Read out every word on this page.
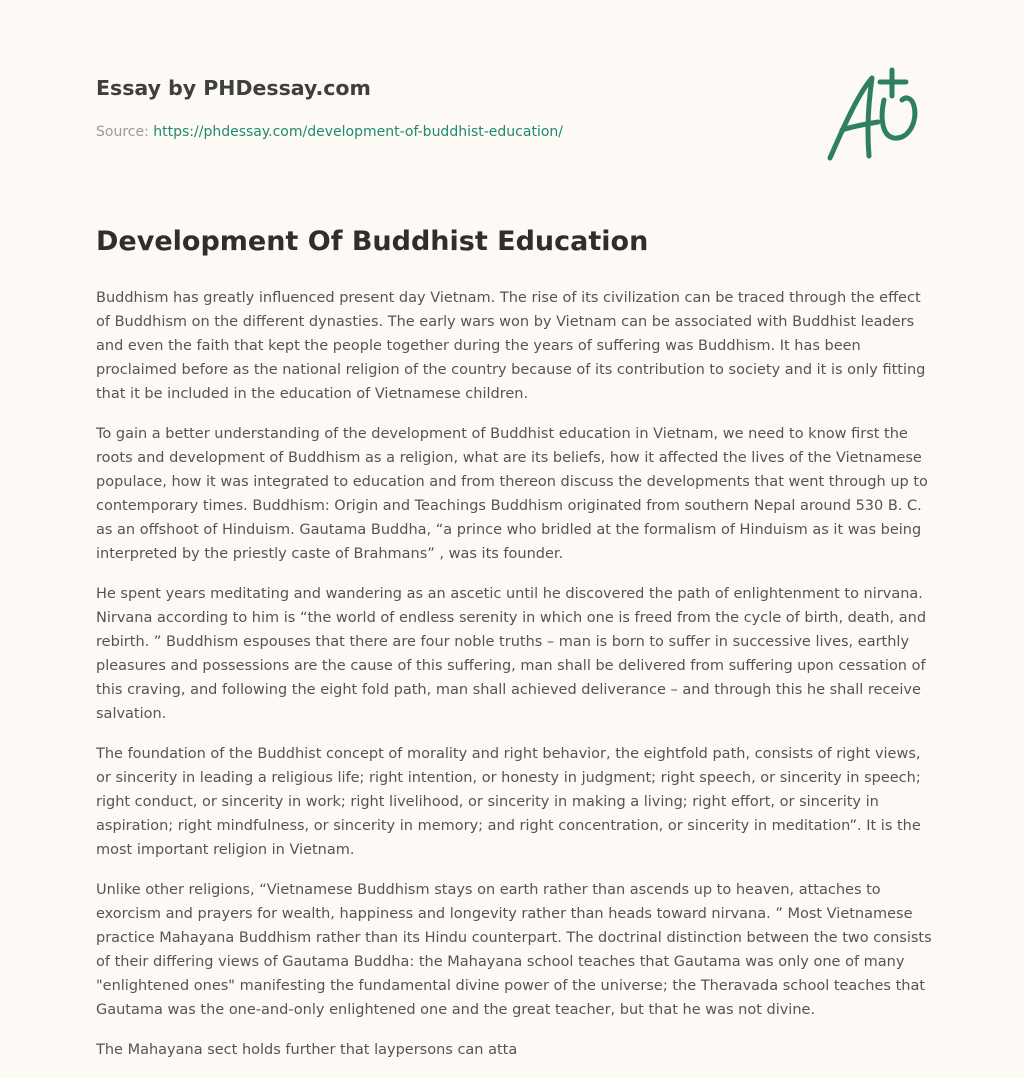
Essay by PHDessay.com
Source: https://phdessay.com/development-of-buddhist-education/
Development Of Buddhist Education

Buddhism has greatly influenced present day Vietnam. The rise of its civilization can be traced through the effect of Buddhism on the different dynasties. The early wars won by Vietnam can be associated with Buddhist leaders and even the faith that kept the people together during the years of suffering was Buddhism. It has been proclaimed before as the national religion of the country because of its contribution to society and it is only fitting that it be included in the education of Vietnamese children.

To gain a better understanding of the development of Buddhist education in Vietnam, we need to know first the roots and development of Buddhism as a religion, what are its beliefs, how it affected the lives of the Vietnamese populace, how it was integrated to education and from thereon discuss the developments that went through up to contemporary times. Buddhism: Origin and Teachings Buddhism originated from southern Nepal around 530 B. C. as an offshoot of Hinduism. Gautama Buddha, “a prince who bridled at the formalism of Hinduism as it was being interpreted by the priestly caste of Brahmans” , was its founder.

He spent years meditating and wandering as an ascetic until he discovered the path of enlightenment to nirvana. Nirvana according to him is “the world of endless serenity in which one is freed from the cycle of birth, death, and rebirth. ” Buddhism espouses that there are four noble truths – man is born to suffer in successive lives, earthly pleasures and possessions are the cause of this suffering, man shall be delivered from suffering upon cessation of this craving, and following the eight fold path, man shall achieved deliverance – and through this he shall receive salvation.

The foundation of the Buddhist concept of morality and right behavior, the eightfold path, consists of right views, or sincerity in leading a religious life; right intention, or honesty in judgment; right speech, or sincerity in speech; right conduct, or sincerity in work; right livelihood, or sincerity in making a living; right effort, or sincerity in aspiration; right mindfulness, or sincerity in memory; and right concentration, or sincerity in meditation”. It is the most important religion in Vietnam.

Unlike other religions, “Vietnamese Buddhism stays on earth rather than ascends up to heaven, attaches to exorcism and prayers for wealth, happiness and longevity rather than heads toward nirvana. ” Most Vietnamese practice Mahayana Buddhism rather than its Hindu counterpart. The doctrinal distinction between the two consists of their differing views of Gautama Buddha: the Mahayana school teaches that Gautama was only one of many "enlightened ones" manifesting the fundamental divine power of the universe; the Theravada school teaches that Gautama was the one-and-only enlightened one and the great teacher, but that he was not divine.

The Mahayana sect holds further that laypersons can atta
